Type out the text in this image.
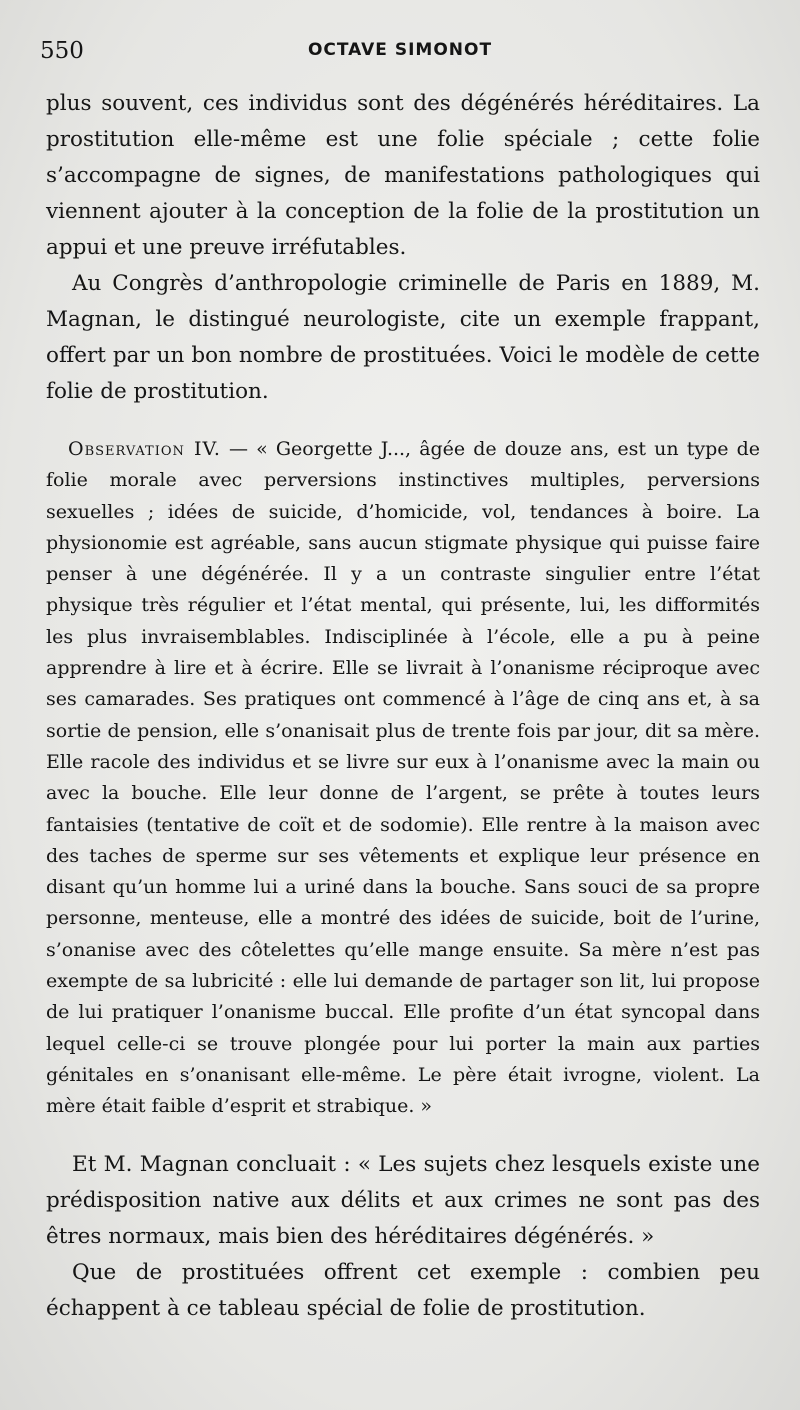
550	OCTAVE SIMONOT

plus souvent, ces individus sont des dégénérés héréditaires. La prostitution elle-même est une folie spéciale ; cette folie s’accompagne de signes, de manifestations pathologiques qui viennent ajouter à la conception de la folie de la prostitution un appui et une preuve irréfutables.

Au Congrès d’anthropologie criminelle de Paris en 1889, M. Magnan, le distingué neurologiste, cite un exemple frappant, offert par un bon nombre de prostituées. Voici le modèle de cette folie de prostitution.

Observation IV. — « Georgette J..., âgée de douze ans, est un type de folie morale avec perversions instinctives multiples, perversions sexuelles ; idées de suicide, d’homicide, vol, tendances à boire. La physionomie est agréable, sans aucun stigmate physique qui puisse faire penser à une dégénérée. Il y a un contraste singulier entre l’état physique très régulier et l’état mental, qui présente, lui, les difformités les plus invraisemblables. Indisciplinée à l’école, elle a pu à peine apprendre à lire et à écrire. Elle se livrait à l’onanisme réciproque avec ses camarades. Ses pratiques ont commencé à l’âge de cinq ans et, à sa sortie de pension, elle s’onanisait plus de trente fois par jour, dit sa mère. Elle racole des individus et se livre sur eux à l’onanisme avec la main ou avec la bouche. Elle leur donne de l’argent, se prête à toutes leurs fantaisies (tentative de coït et de sodomie). Elle rentre à la maison avec des taches de sperme sur ses vêtements et explique leur présence en disant qu’un homme lui a uriné dans la bouche. Sans souci de sa propre personne, menteuse, elle a montré des idées de suicide, boit de l’urine, s’onanise avec des côtelettes qu’elle mange ensuite. Sa mère n’est pas exempte de sa lubricité : elle lui demande de partager son lit, lui propose de lui pratiquer l’onanisme buccal. Elle profite d’un état syncopal dans lequel celle-ci se trouve plongée pour lui porter la main aux parties génitales en s’onanisant elle-même. Le père était ivrogne, violent. La mère était faible d’esprit et strabique. »

Et M. Magnan concluait : « Les sujets chez lesquels existe une prédisposition native aux délits et aux crimes ne sont pas des êtres normaux, mais bien des héréditaires dégénérés. »

Que de prostituées offrent cet exemple : combien peu échappent à ce tableau spécial de folie de prostitution.
